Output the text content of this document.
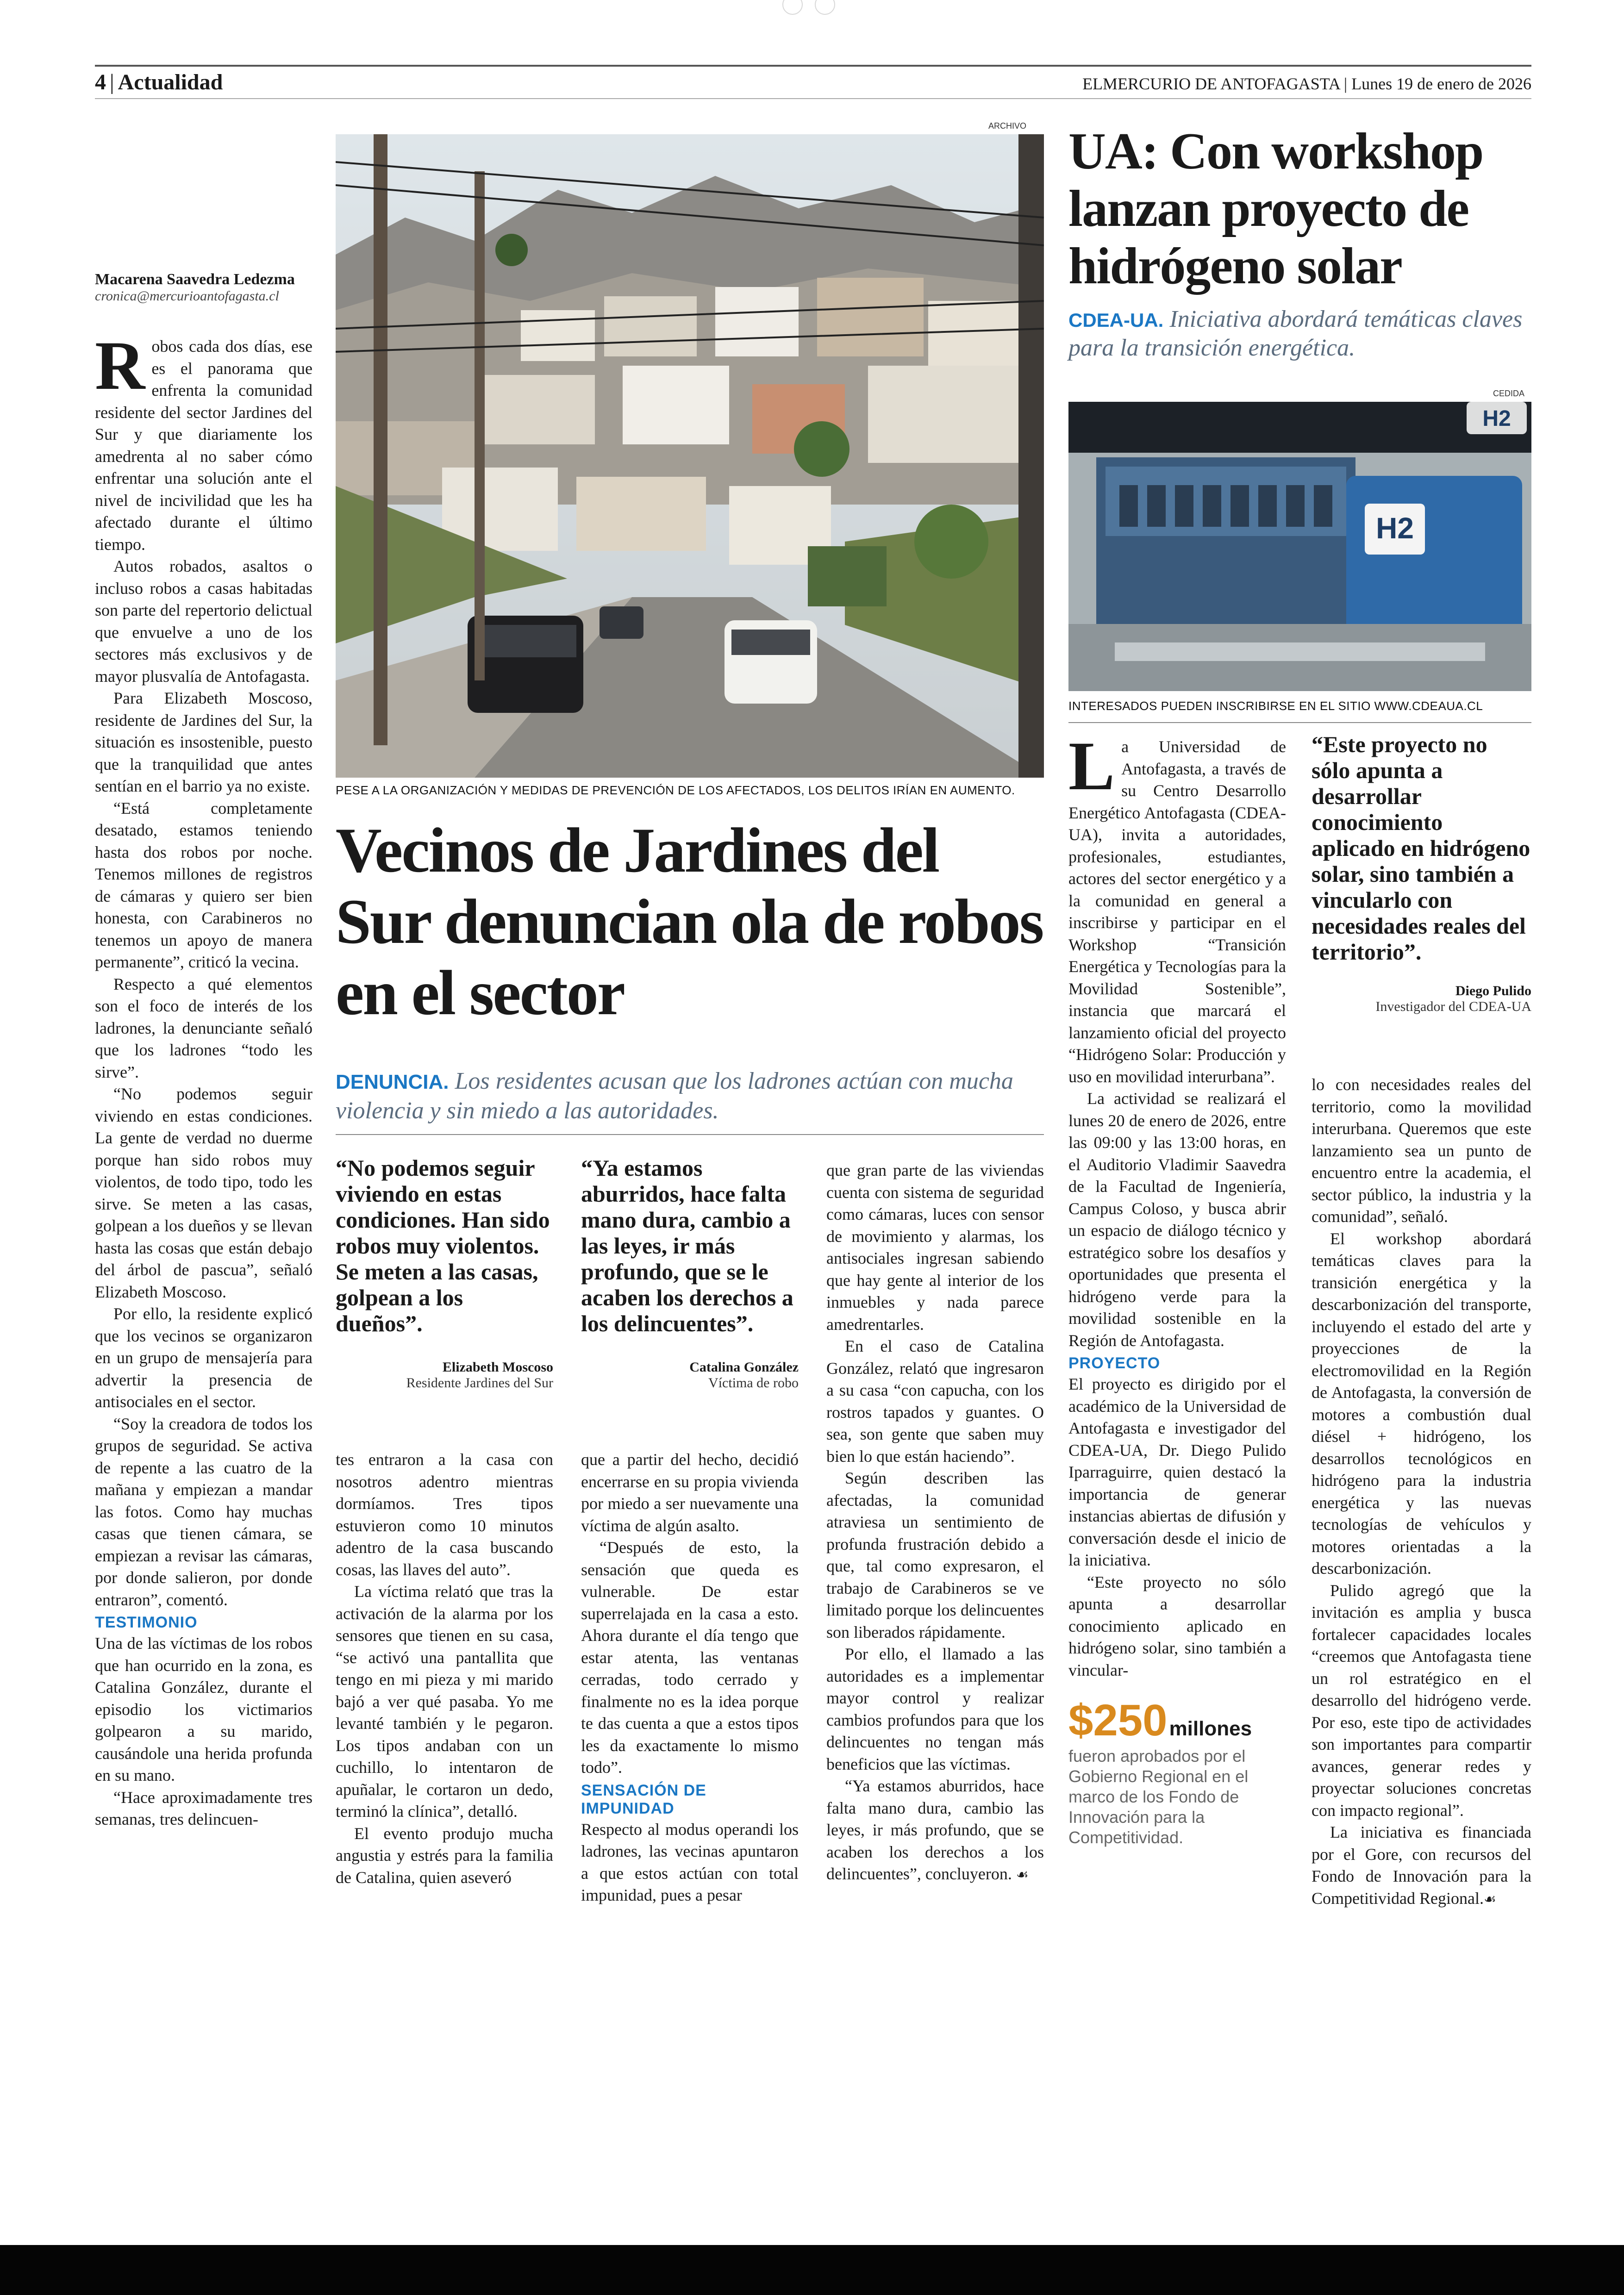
4 | Actualidad	ELMERCURIO DE ANTOFAGASTA | Lunes 19 de enero de 2026
Macarena Saavedra Ledezma
cronica@mercurioantofagasta.cl
ARCHIVO
PESE A LA ORGANIZACIÓN Y MEDIDAS DE PREVENCIÓN DE LOS AFECTADOS, LOS DELITOS IRÍAN EN AUMENTO.
Vecinos de Jardines del Sur denuncian ola de robos en el sector
DENUNCIA. Los residentes acusan que los ladrones actúan con mucha violencia y sin miedo a las autoridades.

Robos cada dos días, ese es el panorama que enfrenta la comunidad residente del sector Jardines del Sur y que diariamente los amedrenta al no saber cómo enfrentar una solución ante el nivel de incivilidad que les ha afectado durante el último tiempo.

Autos robados, asaltos o incluso robos a casas habitadas son parte del repertorio delictual que envuelve a uno de los sectores más exclusivos y de mayor plusvalía de Antofagasta.

Para Elizabeth Moscoso, residente de Jardines del Sur, la situación es insostenible, puesto que la tranquilidad que antes sentían en el barrio ya no existe.

“Está completamente desatado, estamos teniendo hasta dos robos por noche. Tenemos millones de registros de cámaras y quiero ser bien honesta, con Carabineros no tenemos un apoyo de manera permanente”, criticó la vecina.

Respecto a qué elementos son el foco de interés de los ladrones, la denunciante señaló que los ladrones “todo les sirve”.

“No podemos seguir viviendo en estas condiciones. La gente de verdad no duerme porque han sido robos muy violentos, de todo tipo, todo les sirve. Se meten a las casas, golpean a los dueños y se llevan hasta las cosas que están debajo del árbol de pascua”, señaló Elizabeth Moscoso.

Por ello, la residente explicó que los vecinos se organizaron en un grupo de mensajería para advertir la presencia de antisociales en el sector.

“Soy la creadora de todos los grupos de seguridad. Se activa de repente a las cuatro de la mañana y empiezan a mandar las fotos. Como hay muchas casas que tienen cámara, se empiezan a revisar las cámaras, por donde salieron, por donde entraron”, comentó.

TESTIMONIO

Una de las víctimas de los robos que han ocurrido en la zona, es Catalina González, durante el episodio los victimarios golpearon a su marido, causándole una herida profunda en su mano.

“Hace aproximadamente tres semanas, tres delincuen-

“No podemos seguir viviendo en estas condiciones. Han sido robos muy violentos. Se meten a las casas, golpean a los dueños”.

Elizabeth Moscoso

Residente Jardines del Sur

“Ya estamos aburridos, hace falta mano dura, cambio a las leyes, ir más profundo, que se le acaben los derechos a los delincuentes”.

Catalina González

Víctima de robo

tes entraron a la casa con nosotros adentro mientras dormíamos. Tres tipos estuvieron como 10 minutos adentro de la casa buscando cosas, las llaves del auto”.

La víctima relató que tras la activación de la alarma por los sensores que tienen en su casa, “se activó una pantallita que tengo en mi pieza y mi marido bajó a ver qué pasaba. Yo me levanté también y le pegaron. Los tipos andaban con un cuchillo, lo intentaron de apuñalar, le cortaron un dedo, terminó la clínica”, detalló.

El evento produjo mucha angustia y estrés para la familia de Catalina, quien aseveró

que a partir del hecho, decidió encerrarse en su propia vivienda por miedo a ser nuevamente una víctima de algún asalto.

“Después de esto, la sensación que queda es vulnerable. De estar superrelajada en la casa a esto. Ahora durante el día tengo que estar atenta, las ventanas cerradas, todo cerrado y finalmente no es la idea porque te das cuenta a que a estos tipos les da exactamente lo mismo todo”.

SENSACIÓN DE IMPUNIDAD

Respecto al modus operandi los ladrones, las vecinas apuntaron a que estos actúan con total impunidad, pues a pesar

que gran parte de las viviendas cuenta con sistema de seguridad como cámaras, luces con sensor de movimiento y alarmas, los antisociales ingresan sabiendo que hay gente al interior de los inmuebles y nada parece amedrentarles.

En el caso de Catalina González, relató que ingresaron a su casa “con capucha, con los rostros tapados y guantes. O sea, son gente que saben muy bien lo que están haciendo”.

Según describen las afectadas, la comunidad atraviesa un sentimiento de profunda frustración debido a que, tal como expresaron, el trabajo de Carabineros se ve limitado porque los delincuentes son liberados rápidamente.

Por ello, el llamado a las autoridades es a implementar mayor control y realizar cambios profundos para que los delincuentes no tengan más beneficios que las víctimas.

“Ya estamos aburridos, hace falta mano dura, cambio las leyes, ir más profundo, que se acaben los derechos a los delincuentes”, concluyeron. ☙

UA: Con workshop lanzan proyecto de hidrógeno solar
CDEA-UA. Iniciativa abordará temáticas claves para la transición energética.
CEDIDA
H2
H2
INTERESADOS PUEDEN INSCRIBIRSE EN EL SITIO WWW.CDEAUA.CL

La Universidad de Antofagasta, a través de su Centro Desarrollo Energético Antofagasta (CDEA-UA), invita a autoridades, profesionales, estudiantes, actores del sector energético y a la comunidad en general a inscribirse y participar en el Workshop “Transición Energética y Tecnologías para la Movilidad Sostenible”, instancia que marcará el lanzamiento oficial del proyecto “Hidrógeno Solar: Producción y uso en movilidad interurbana”.

La actividad se realizará el lunes 20 de enero de 2026, entre las 09:00 y las 13:00 horas, en el Auditorio Vladimir Saavedra de la Facultad de Ingeniería, Campus Coloso, y busca abrir un espacio de diálogo técnico y estratégico sobre los desafíos y oportunidades que presenta el hidrógeno verde para la movilidad sostenible en la Región de Antofagasta.

PROYECTO

El proyecto es dirigido por el académico de la Universidad de Antofagasta e investigador del CDEA-UA, Dr. Diego Pulido Iparraguirre, quien destacó la importancia de generar instancias abiertas de difusión y conversación desde el inicio de la iniciativa.

“Este proyecto no sólo apunta a desarrollar conocimiento aplicado en hidrógeno solar, sino también a vincular-

$250 millones
fueron aprobados por el Gobierno Regional en el marco de los Fondo de Innovación para la Competitividad.

“Este proyecto no sólo apunta a desarrollar conocimiento aplicado en hidrógeno solar, sino también a vincularlo con necesidades reales del territorio”.

Diego Pulido

Investigador del CDEA-UA

lo con necesidades reales del territorio, como la movilidad interurbana. Queremos que este lanzamiento sea un punto de encuentro entre la academia, el sector público, la industria y la comunidad”, señaló.

El workshop abordará temáticas claves para la transición energética y la descarbonización del transporte, incluyendo el estado del arte y proyecciones de la electromovilidad en la Región de Antofagasta, la conversión de motores a combustión dual diésel + hidrógeno, los desarrollos tecnológicos en hidrógeno para la industria energética y las nuevas tecnologías de vehículos y motores orientadas a la descarbonización.

Pulido agregó que la invitación es amplia y busca fortalecer capacidades locales “creemos que Antofagasta tiene un rol estratégico en el desarrollo del hidrógeno verde. Por eso, este tipo de actividades son importantes para compartir avances, generar redes y proyectar soluciones concretas con impacto regional”.

La iniciativa es financiada por el Gore, con recursos del Fondo de Innovación para la Competitividad Regional.☙
